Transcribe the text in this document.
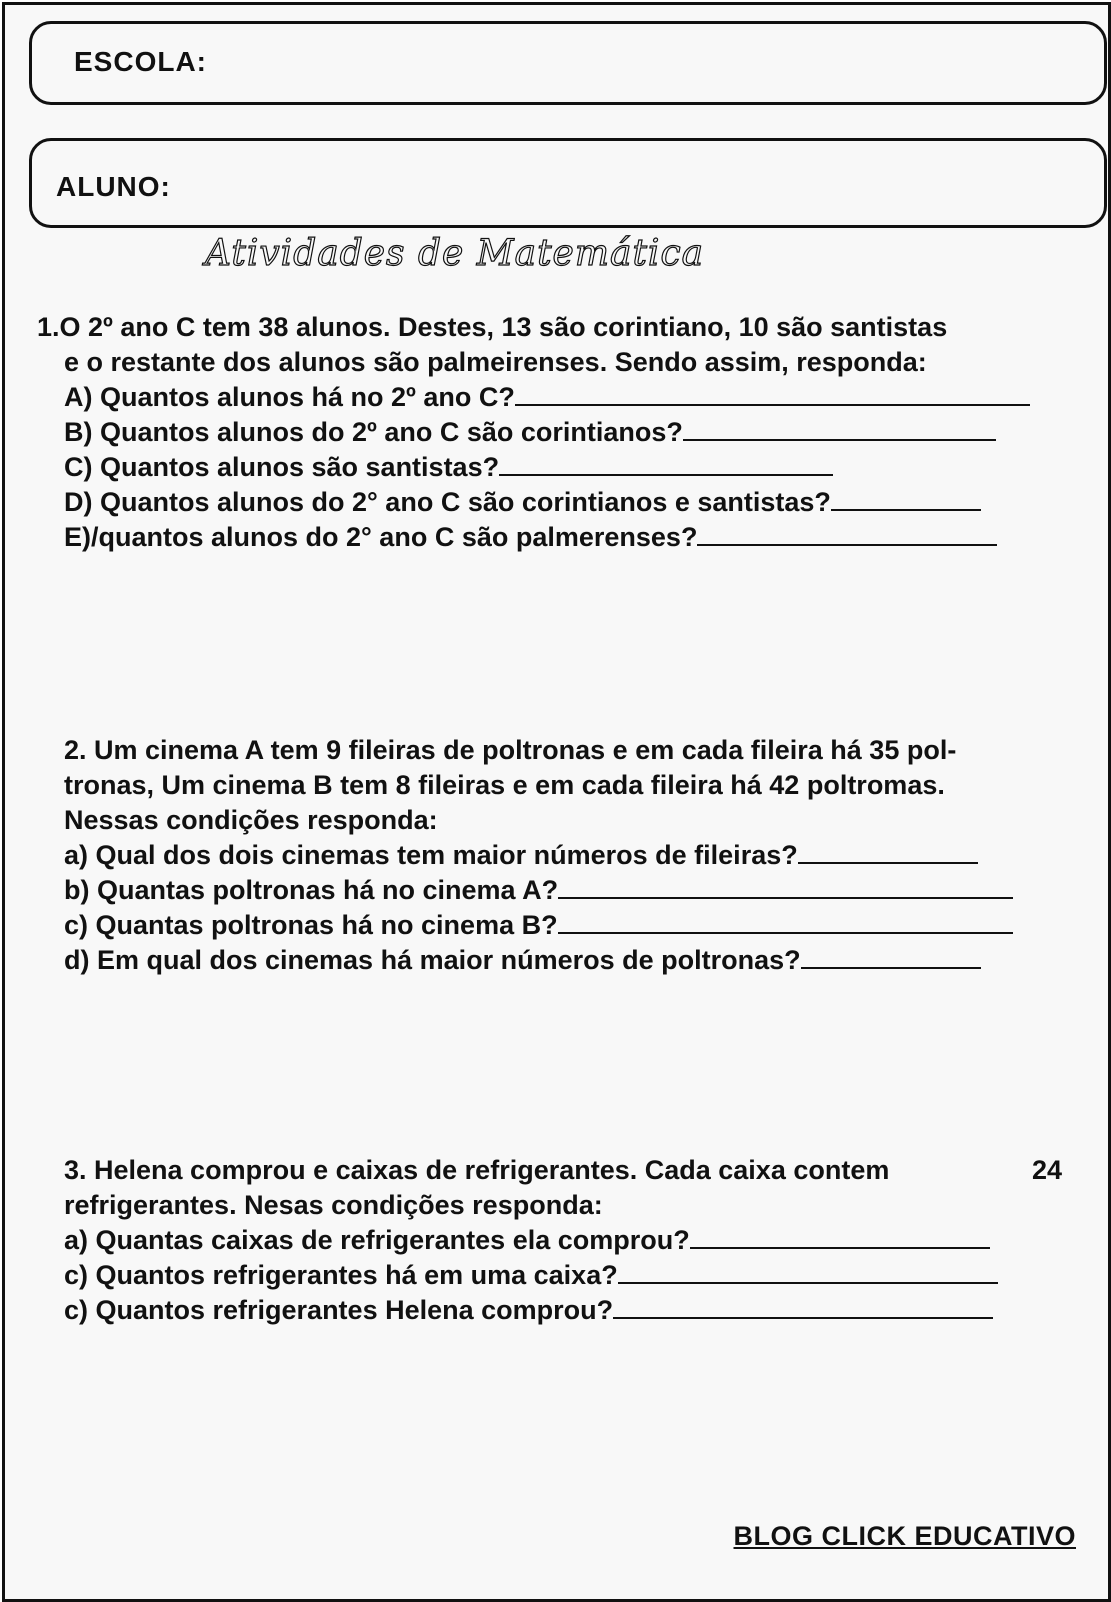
ESCOLA:
ALUNO:
Atividades de Matemática
1.O 2º ano C tem 38 alunos. Destes, 13 são corintiano, 10 são santistas
e o restante dos alunos são palmeirenses. Sendo assim, responda:
A) Quantos alunos há no 2º ano C?
B) Quantos alunos do 2º ano C são corintianos?
C) Quantos alunos são santistas?
D) Quantos alunos do 2° ano C são corintianos e santistas?
E)/quantos alunos do 2° ano C são palmerenses?
2. Um cinema A tem 9 fileiras de poltronas e em cada fileira há 35 pol-
tronas, Um cinema B tem 8 fileiras e em cada fileira há 42 poltromas.
Nessas condições responda:
a) Qual dos dois cinemas tem maior números de fileiras?
b) Quantas poltronas há no cinema A?
c) Quantas poltronas há no cinema B?
d) Em qual dos cinemas há maior números de poltronas?
3. Helena comprou e caixas de refrigerantes. Cada caixa contem	24
refrigerantes. Nesas condições responda:
a) Quantas caixas de refrigerantes ela comprou?
c) Quantos refrigerantes há em uma caixa?
c) Quantos refrigerantes Helena comprou?
BLOG CLICK EDUCATIVO
